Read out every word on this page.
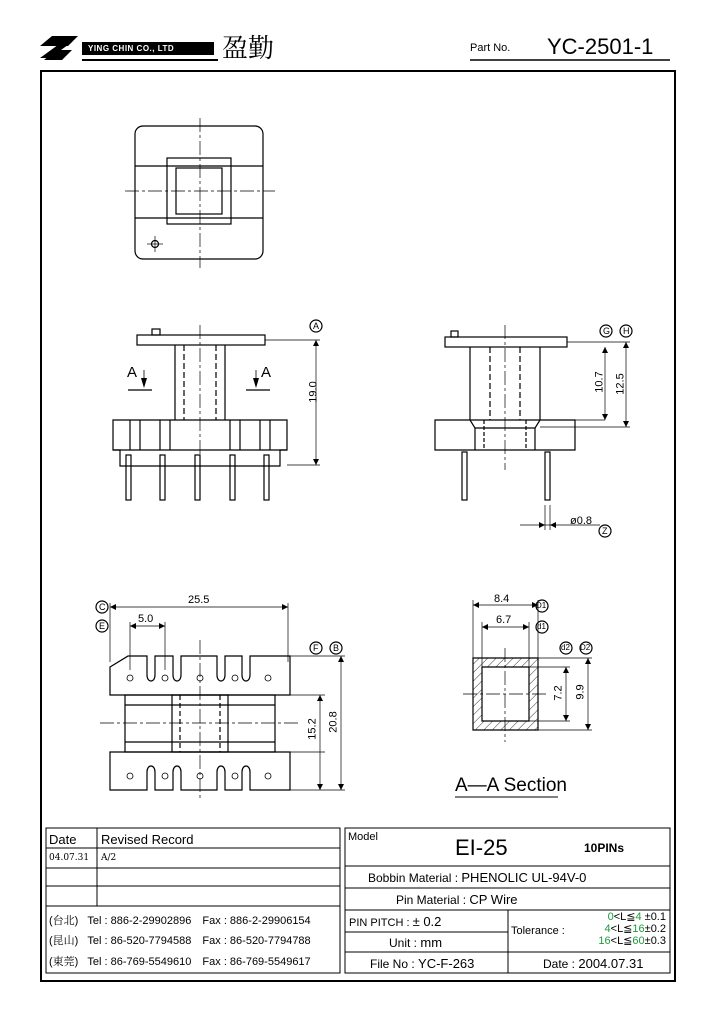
YING CHIN CO., LTD 盈勤	Part No. YC-2501-1
19.0
25.5
5.0
15.2 20.8
10.7 12.5
ø0.8
8.4
6.7
7.2 9.9
A	G H
Z
C
E
F B
D1
d1
d2 D2
A	A
A—A Section
Date Revised Record
04.07.31 A/2
(台北) Tel : 886-2-29902896 Fax : 886-2-29906154
(昆山) Tel : 86-520-7794588 Fax : 86-520-7794788
(東莞) Tel : 86-769-5549610 Fax : 86-769-5549617
Model	EI-25	10PINs
Bobbin Material : PHENOLIC UL-94V-0
Pin Material : CP Wire
PIN PITCH : ± 0.2
Unit : mm
File No : YC-F-263
Tolerance :
0<L≦4 ±0.1
4<L≦16±0.2
16<L≦60±0.3
Date : 2004.07.31
